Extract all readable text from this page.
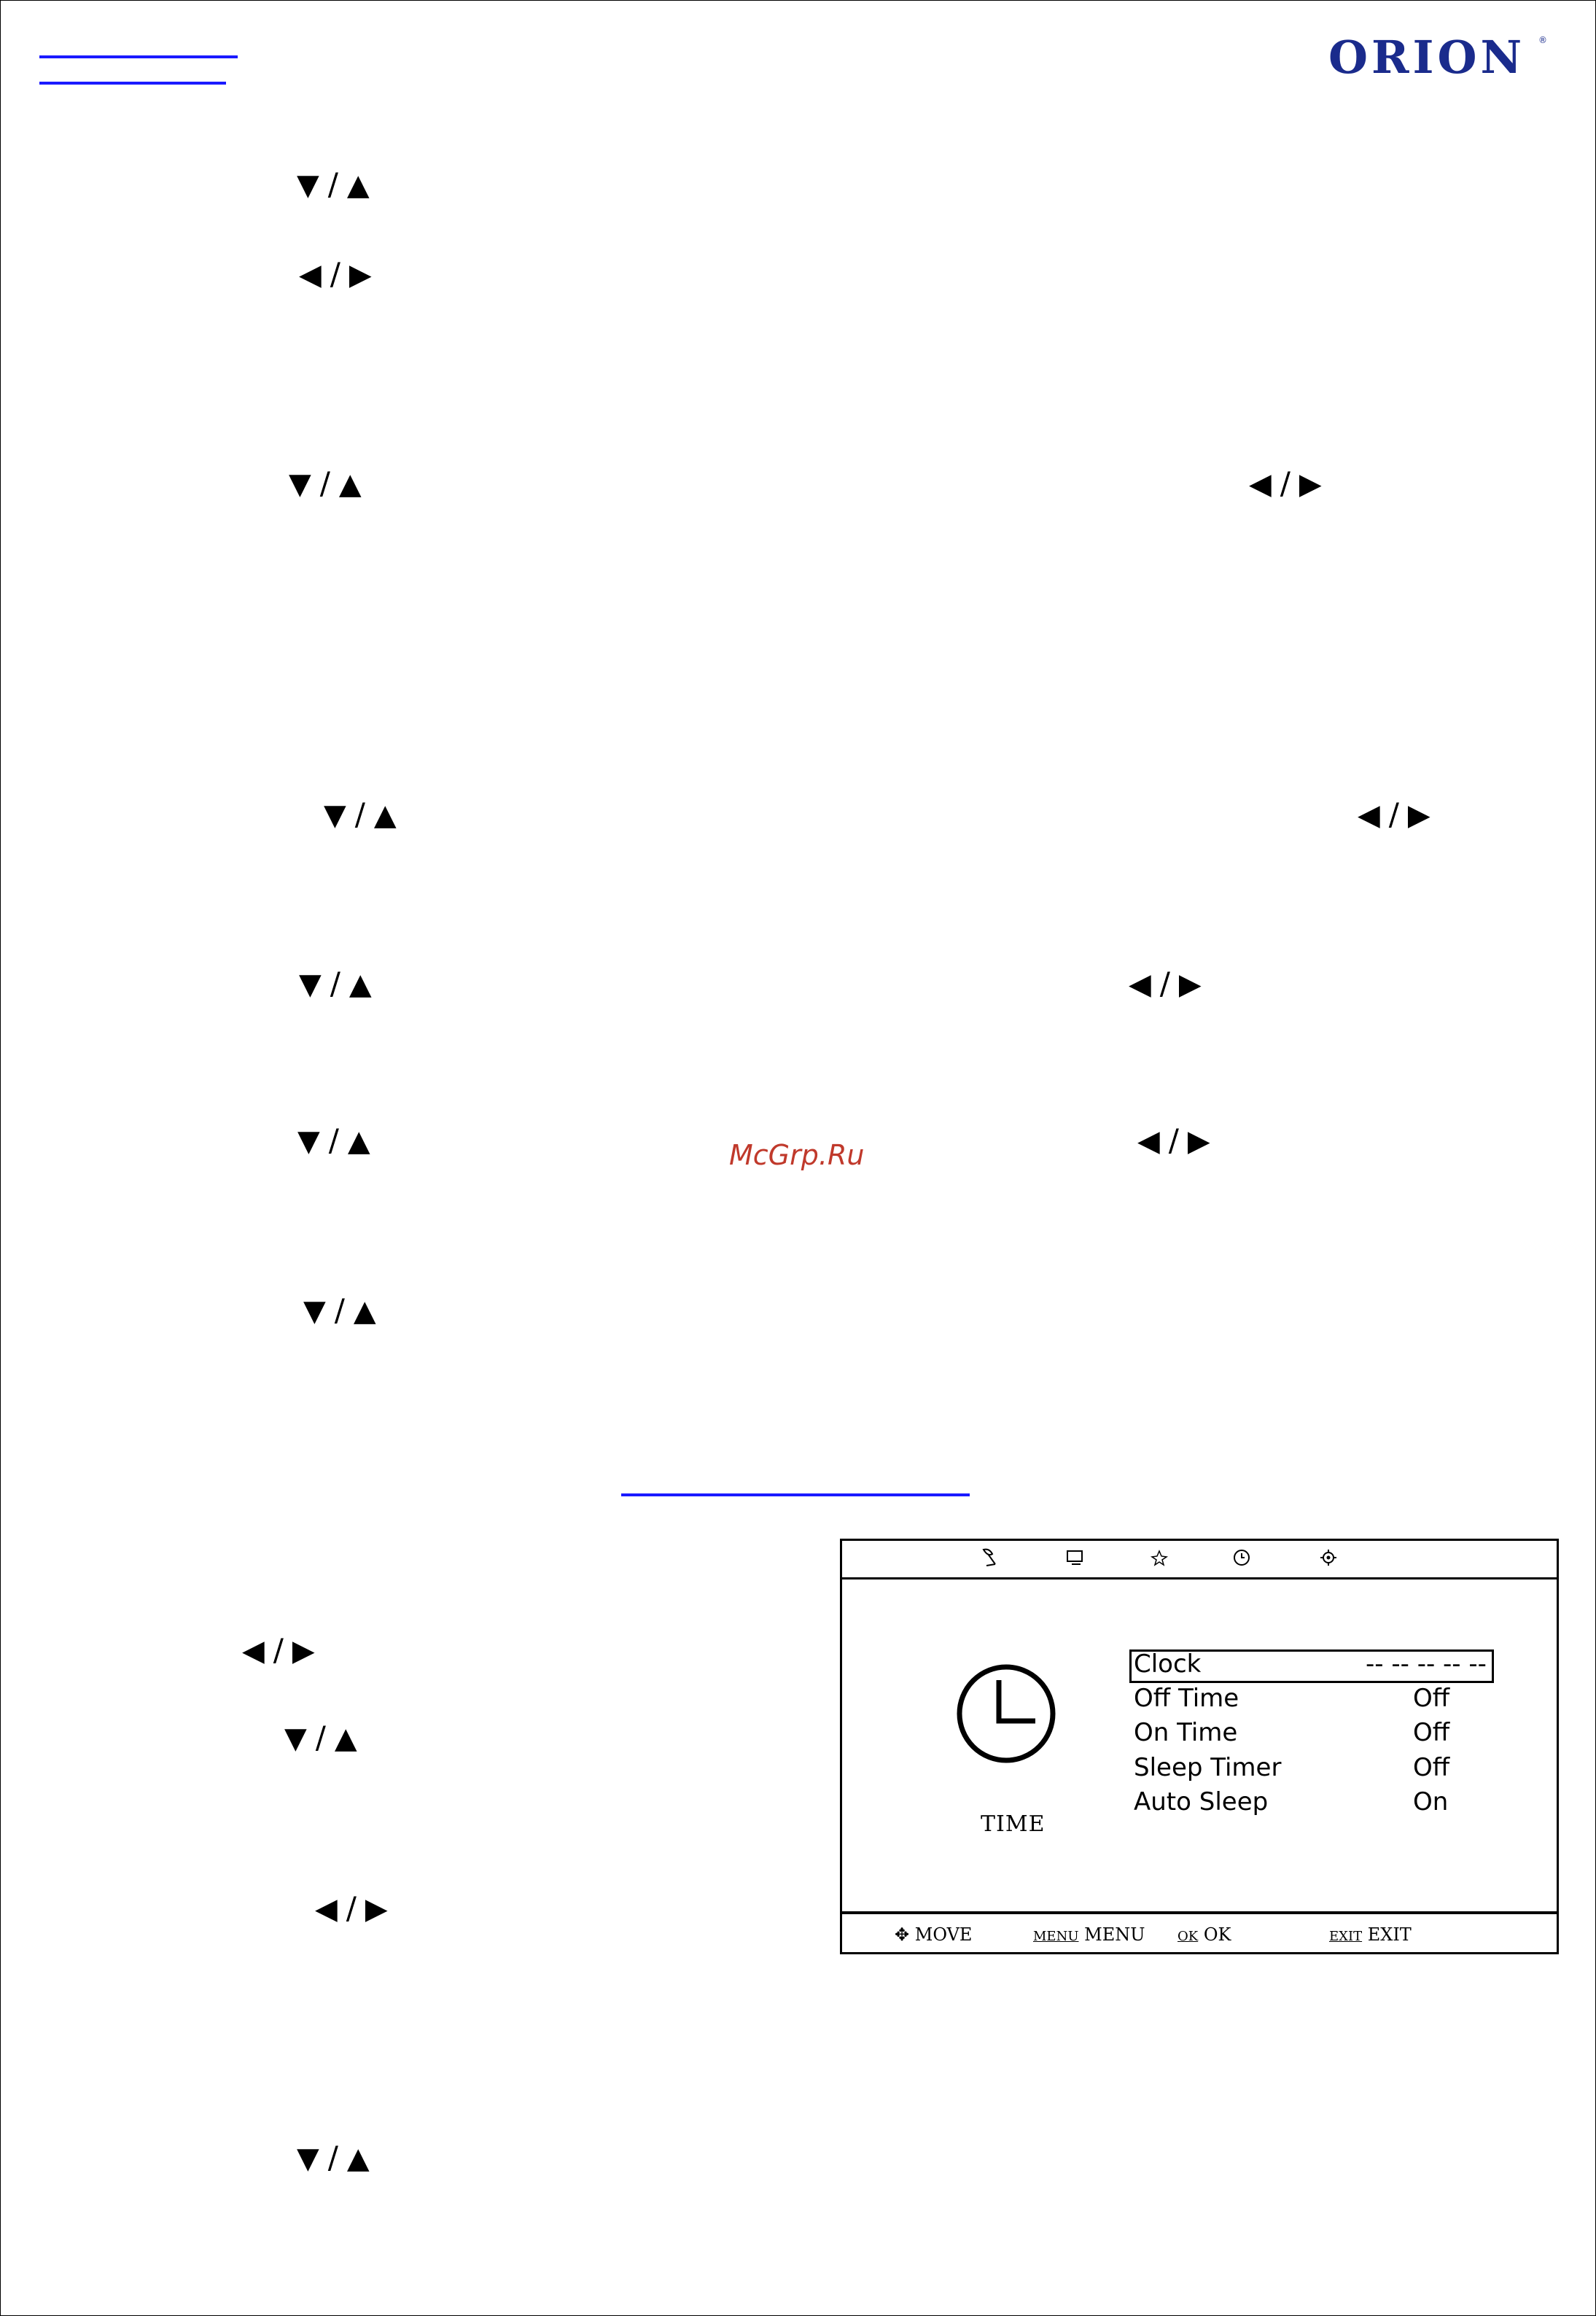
ORION ®
▼ / ▲
◀ / ▶
▼ / ▲	◀ / ▶
▼ / ▲	◀ / ▶
▼ / ▲	◀ / ▶
▼ / ▲	◀ / ▶
McGrp.Ru
▼ / ▲
◀ / ▶
▼ / ▲
◀ / ▶
▼ / ▲
TIME
Clock	-- -- -- -- --
Off Time	Off
On Time	Off
Sleep Timer	Off
Auto Sleep	On
✥ MOVE	MENU MENU OK OK	EXIT EXIT
